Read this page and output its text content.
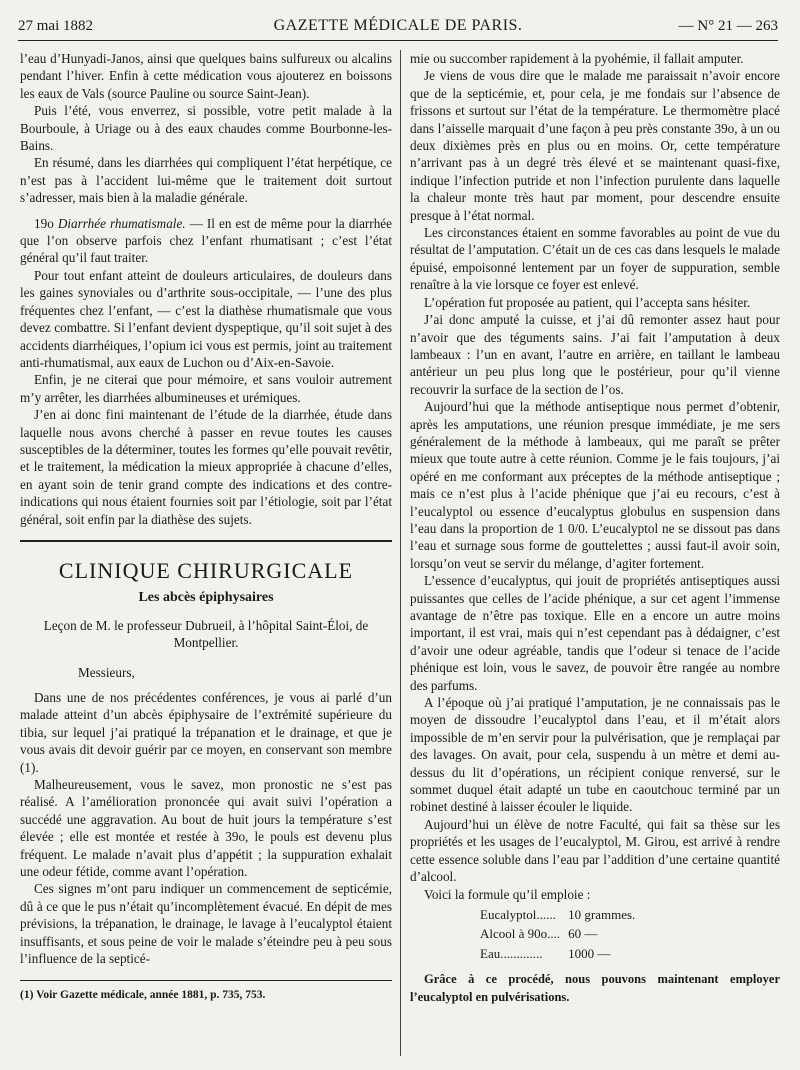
27 mai 1882	GAZETTE MÉDICALE DE PARIS.	— N° 21 — 263

l’eau d’Hunyadi-Janos, ainsi que quelques bains sulfureux ou alcalins pendant l’hiver. Enfin à cette médication vous ajouterez en boissons les eaux de Vals (source Pauline ou source Saint-Jean).

Puis l’été, vous enverrez, si possible, votre petit malade à la Bourboule, à Uriage ou à des eaux chaudes comme Bourbonne-les-Bains.

En résumé, dans les diarrhées qui compliquent l’état herpétique, ce n’est pas à l’accident lui-même que le traitement doit surtout s’adresser, mais bien à la maladie générale.

19o Diarrhée rhumatismale. — Il en est de même pour la diarrhée que l’on observe parfois chez l’enfant rhumatisant ; c’est l’état général qu’il faut traiter.

Pour tout enfant atteint de douleurs articulaires, de douleurs dans les gaines synoviales ou d’arthrite sous-occipitale, — l’une des plus fréquentes chez l’enfant, — c’est la diathèse rhumatismale que vous devez combattre. Si l’enfant devient dyspeptique, qu’il soit sujet à des accidents diarrhéiques, l’opium ici vous est permis, joint au traitement anti-rhumatismal, aux eaux de Luchon ou d’Aix-en-Savoie.

Enfin, je ne citerai que pour mémoire, et sans vouloir autrement m’y arrêter, les diarrhées albumineuses et urémiques.

J’en ai donc fini maintenant de l’étude de la diarrhée, étude dans laquelle nous avons cherché à passer en revue toutes les causes susceptibles de la déterminer, toutes les formes qu’elle pouvait revêtir, et le traitement, la médication la mieux appropriée à chacune d’elles, en ayant soin de tenir grand compte des indications et des contre-indications qui nous étaient fournies soit par l’étiologie, soit par l’état général, soit enfin par la diathèse des sujets.

CLINIQUE CHIRURGICALE
Les abcès épiphysaires
Leçon de M. le professeur Dubrueil, à l’hôpital Saint-Éloi, de Montpellier.
Messieurs,

Dans une de nos précédentes conférences, je vous ai parlé d’un malade atteint d’un abcès épiphysaire de l’extrémité supérieure du tibia, sur lequel j’ai pratiqué la trépanation et le drainage, et que je vous avais dit devoir guérir par ce moyen, en conservant son membre (1).

Malheureusement, vous le savez, mon pronostic ne s’est pas réalisé. A l’amélioration prononcée qui avait suivi l’opération a succédé une aggravation. Au bout de huit jours la température s’est élevée ; elle est montée et restée à 39o, le pouls est devenu plus fréquent. Le malade n’avait plus d’appétit ; la suppuration exhalait une odeur fétide, comme avant l’opération.

Ces signes m’ont paru indiquer un commencement de septicémie, dû à ce que le pus n’était qu’incomplètement évacué. En dépit de mes prévisions, la trépanation, le drainage, le lavage à l’eucalyptol étaient insuffisants, et sous peine de voir le malade s’éteindre peu à peu sous l’influence de la septicé-

(1) Voir Gazette médicale, année 1881, p. 735, 753.

mie ou succomber rapidement à la pyohémie, il fallait amputer.

Je viens de vous dire que le malade me paraissait n’avoir encore que de la septicémie, et, pour cela, je me fondais sur l’absence de frissons et surtout sur l’état de la température. Le thermomètre placé dans l’aisselle marquait d’une façon à peu près constante 39o, à un ou deux dixièmes près en plus ou en moins. Or, cette température n’arrivant pas à un degré très élevé et se maintenant quasi-fixe, indique l’infection putride et non l’infection purulente dans laquelle la chaleur monte très haut par moment, pour descendre ensuite presque à l’état normal.

Les circonstances étaient en somme favorables au point de vue du résultat de l’amputation. C’était un de ces cas dans lesquels le malade épuisé, empoisonné lentement par un foyer de suppuration, semble renaître à la vie lorsque ce foyer est enlevé.

L’opération fut proposée au patient, qui l’accepta sans hésiter.

J’ai donc amputé la cuisse, et j’ai dû remonter assez haut pour n’avoir que des téguments sains. J’ai fait l’amputation à deux lambeaux : l’un en avant, l’autre en arrière, en taillant le lambeau antérieur un peu plus long que le postérieur, pour qu’il vienne recouvrir la surface de la section de l’os.

Aujourd’hui que la méthode antiseptique nous permet d’obtenir, après les amputations, une réunion presque immédiate, je me sers généralement de la méthode à lambeaux, qui me paraît se prêter mieux que toute autre à cette réunion. Comme je le fais toujours, j’ai opéré en me conformant aux préceptes de la méthode antiseptique ; mais ce n’est plus à l’acide phénique que j’ai eu recours, c’est à l’eucalyptol ou essence d’eucalyptus globulus en suspension dans l’eau dans la proportion de 1 0/0. L’eucalyptol ne se dissout pas dans l’eau et surnage sous forme de gouttelettes ; aussi faut-il avoir soin, lorsqu’on veut se servir du mélange, d’agiter fortement.

L’essence d’eucalyptus, qui jouit de propriétés antiseptiques aussi puissantes que celles de l’acide phénique, a sur cet agent l’immense avantage de n’être pas toxique. Elle en a encore un autre moins important, il est vrai, mais qui n’est cependant pas à dédaigner, c’est d’avoir une odeur agréable, tandis que l’odeur si tenace de l’acide phénique est loin, vous le savez, de pouvoir être rangée au nombre des parfums.

A l’époque où j’ai pratiqué l’amputation, je ne connaissais pas le moyen de dissoudre l’eucalyptol dans l’eau, et il m’était alors impossible de m’en servir pour la pulvérisation, que je remplaçai par des lavages. On avait, pour cela, suspendu à un mètre et demi au-dessus du lit d’opérations, un récipient conique renversé, sur le sommet duquel était adapté un tube en caoutchouc terminé par un robinet destiné à laisser écouler le liquide.

Aujourd’hui un élève de notre Faculté, qui fait sa thèse sur les propriétés et les usages de l’eucalyptol, M. Girou, est arrivé à rendre cette essence soluble dans l’eau par l’addition d’une certaine quantité d’alcool.

Voici la formule qu’il emploie :

Eucalyptol......	10 grammes.
Alcool à 90o....	60 —
Eau.............	1000 —

Grâce à ce procédé, nous pouvons maintenant employer l’eucalyptol en pulvérisations.
